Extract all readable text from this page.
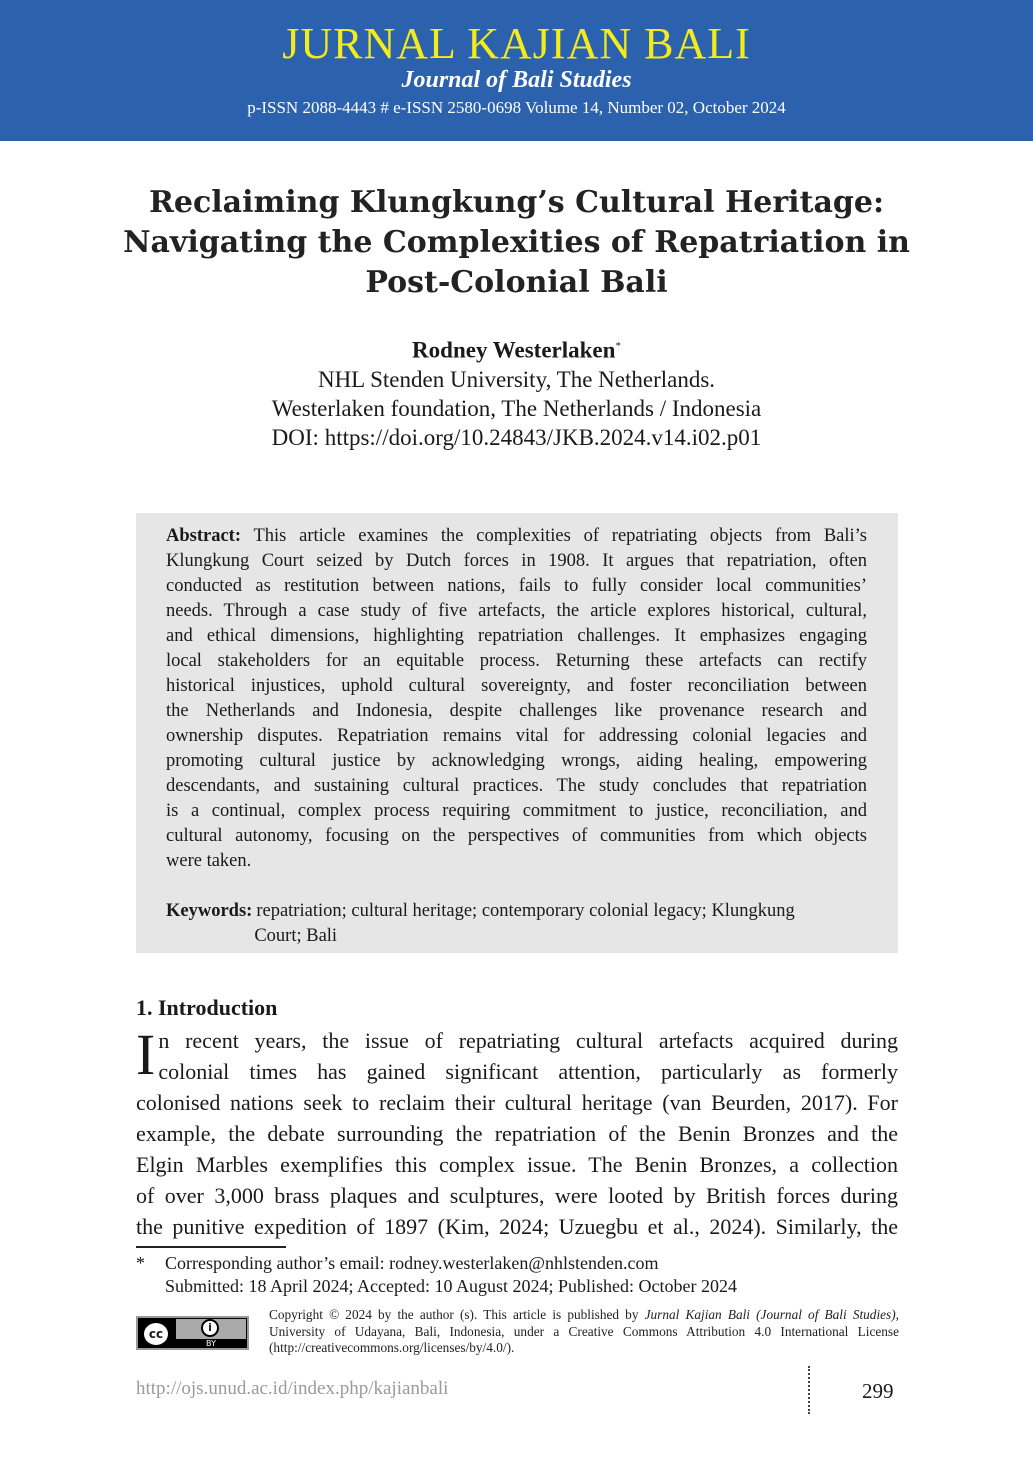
JURNAL KAJIAN BALI
Journal of Bali Studies
p-ISSN 2088-4443 # e-ISSN 2580-0698 Volume 14, Number 02, October 2024
Reclaiming Klungkung’s Cultural Heritage:
Navigating the Complexities of Repatriation in
Post-Colonial Bali
Rodney Westerlaken*
NHL Stenden University, The Netherlands.
Westerlaken foundation, The Netherlands / Indonesia
DOI: https://doi.org/10.24843/JKB.2024.v14.i02.p01
Abstract: This article examines the complexities of repatriating objects from Bali’s
Klungkung Court seized by Dutch forces in 1908. It argues that repatriation, often
conducted as restitution between nations, fails to fully consider local communities’
needs. Through a case study of five artefacts, the article explores historical, cultural,
and ethical dimensions, highlighting repatriation challenges. It emphasizes engaging
local stakeholders for an equitable process. Returning these artefacts can rectify
historical injustices, uphold cultural sovereignty, and foster reconciliation between
the Netherlands and Indonesia, despite challenges like provenance research and
ownership disputes. Repatriation remains vital for addressing colonial legacies and
promoting cultural justice by acknowledging wrongs, aiding healing, empowering
descendants, and sustaining cultural practices. The study concludes that repatriation
is a continual, complex process requiring commitment to justice, reconciliation, and
cultural autonomy, focusing on the perspectives of communities from which objects
were taken.
Keywords: repatriation; cultural heritage; contemporary colonial legacy; Klungkung
Court; Bali
1. Introduction
I n recent years, the issue of repatriating cultural artefacts acquired during
colonial times has gained significant attention, particularly as formerly
colonised nations seek to reclaim their cultural heritage (van Beurden, 2017). For
example, the debate surrounding the repatriation of the Benin Bronzes and the
Elgin Marbles exemplifies this complex issue. The Benin Bronzes, a collection
of over 3,000 brass plaques and sculptures, were looted by British forces during
the punitive expedition of 1897 (Kim, 2024; Uzuegbu et al., 2024). Similarly, the
* Corresponding author’s email: rodney.westerlaken@nhlstenden.com
Submitted: 18 April 2024; Accepted: 10 August 2024; Published: October 2024
cc	i
BY
Copyright © 2024 by the author (s). This article is published by Jurnal Kajian Bali (Journal of Bali Studies), University of Udayana, Bali, Indonesia, under a Creative Commons Attribution 4.0 International License (http://creativecommons.org/licenses/by/4.0/).
http://ojs.unud.ac.id/index.php/kajianbali	299
